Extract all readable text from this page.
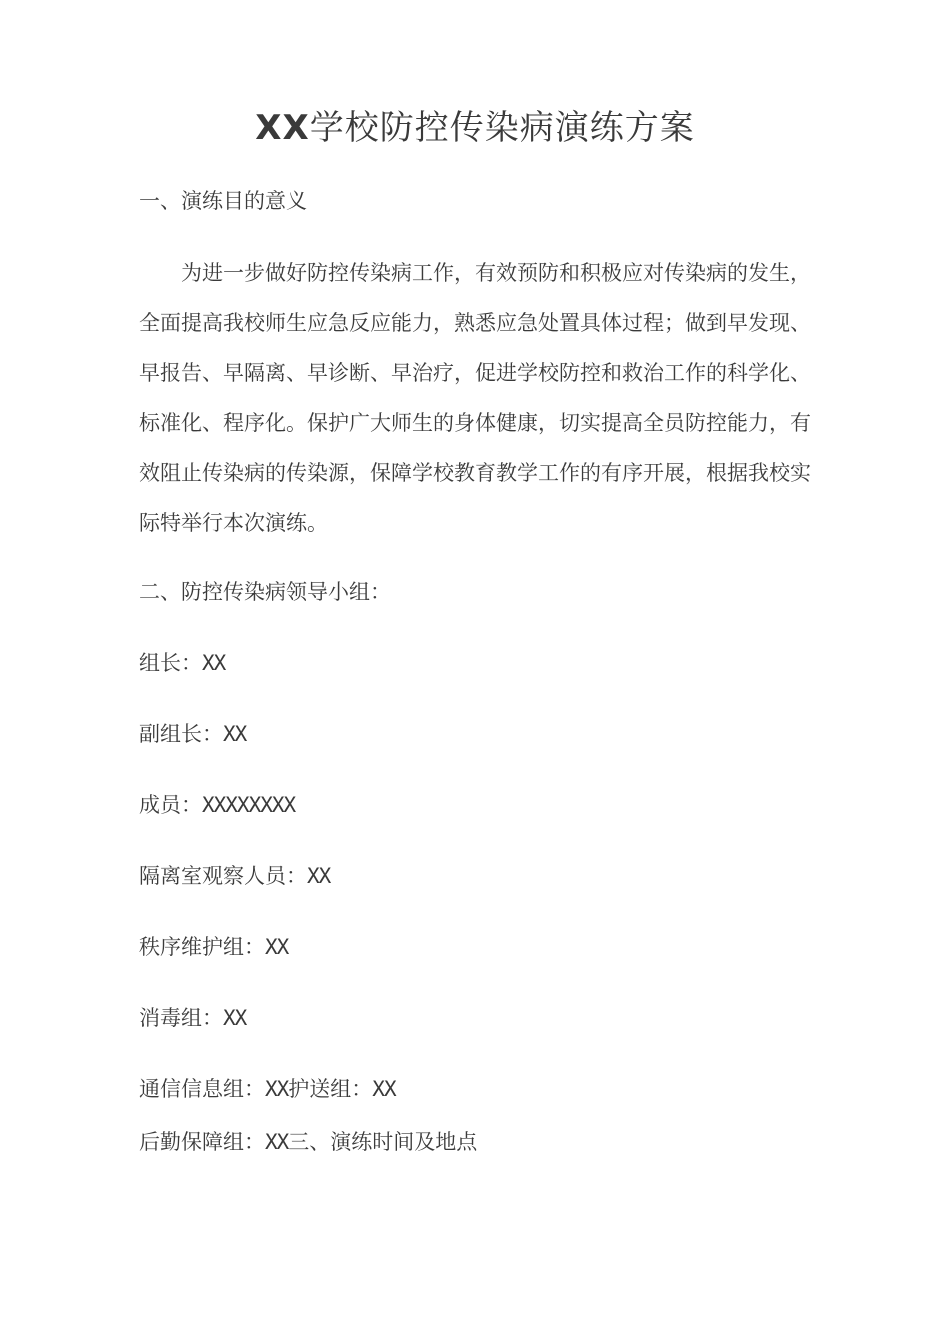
XX学校防控传染病演练方案
一、演练目的意义
为进一步做好防控传染病工作，有效预防和积极应对传染病的发生，全面提高我校师生应急反应能力，熟悉应急处置具体过程；做到早发现、早报告、早隔离、早诊断、早治疗，促进学校防控和救治工作的科学化、标准化、程序化。保护广大师生的身体健康，切实提高全员防控能力，有效阻止传染病的传染源，保障学校教育教学工作的有序开展，根据我校实际特举行本次演练。
二、防控传染病领导小组：
组长：XX
副组长：XX
成员：XXXXXXXX
隔离室观察人员：XX
秩序维护组：XX
消毒组：XX
通信信息组：XX护送组：XX
后勤保障组：XX三、演练时间及地点
